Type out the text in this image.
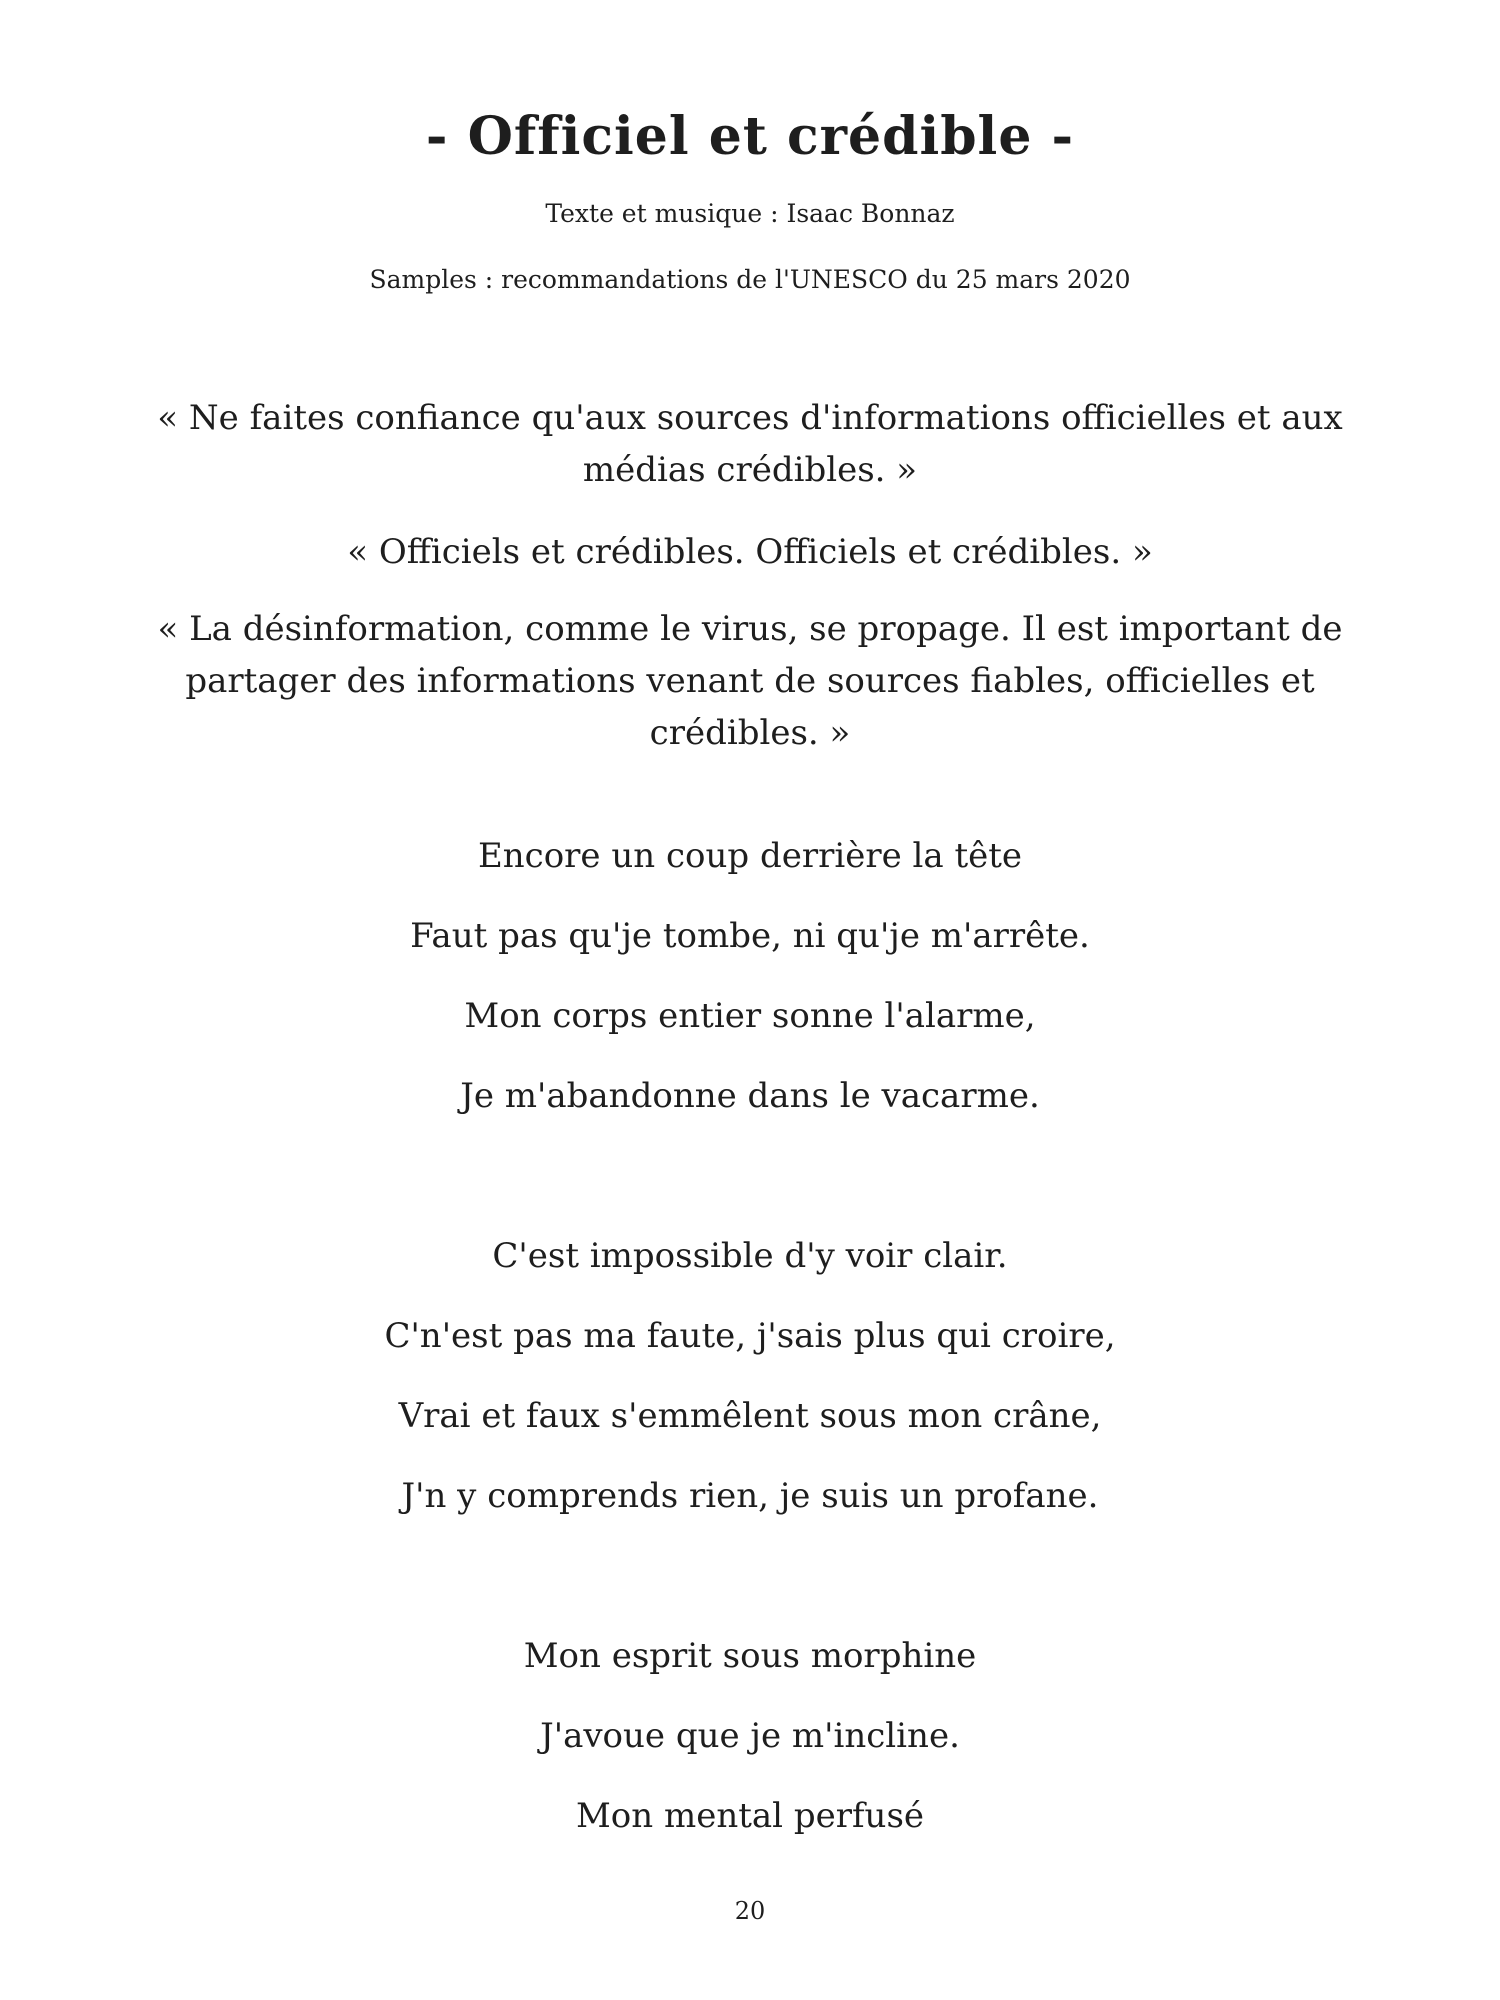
- Officiel et crédible -

Texte et musique : Isaac Bonnaz

Samples : recommandations de l'UNESCO du 25 mars 2020

« Ne faites confiance qu'aux sources d'informations officielles et aux médias crédibles. »

« Officiels et crédibles. Officiels et crédibles. »

« La désinformation, comme le virus, se propage. Il est important de partager des informations venant de sources fiables, officielles et crédibles. »

Encore un coup derrière la tête

Faut pas qu'je tombe, ni qu'je m'arrête.

Mon corps entier sonne l'alarme,

Je m'abandonne dans le vacarme.

C'est impossible d'y voir clair.

C'n'est pas ma faute, j'sais plus qui croire,

Vrai et faux s'emmêlent sous mon crâne,

J'n y comprends rien, je suis un profane.

Mon esprit sous morphine

J'avoue que je m'incline.

Mon mental perfusé

20
